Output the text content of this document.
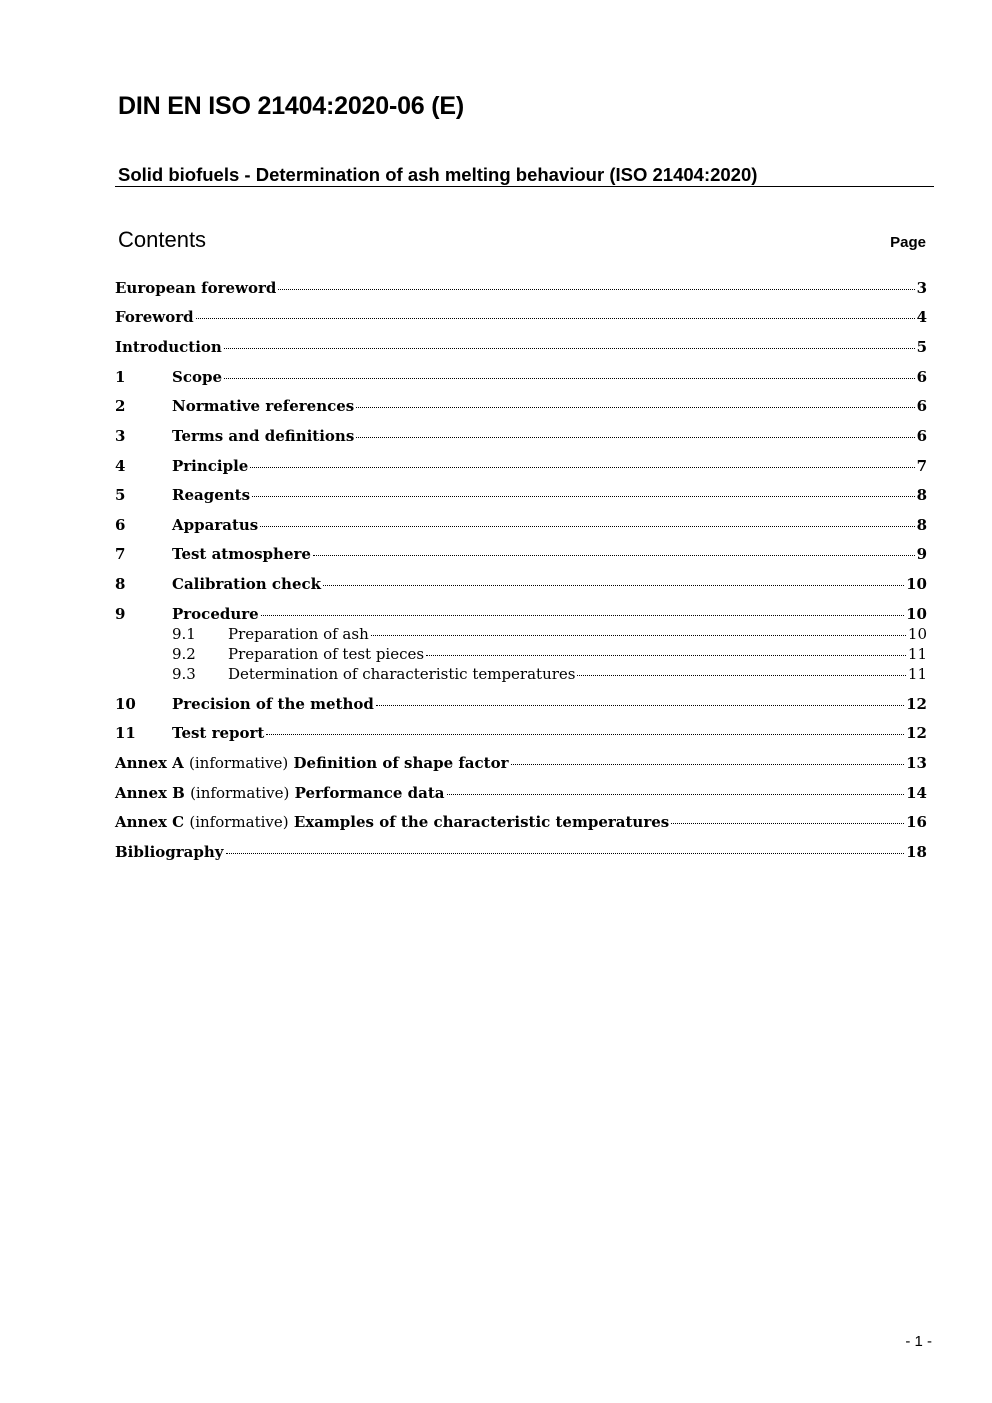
DIN EN ISO 21404:2020-06 (E)
Solid biofuels - Determination of ash melting behaviour (ISO 21404:2020)
Contents	Page
European foreword	3
Foreword	4
Introduction	5
1	Scope	6
2	Normative references	6
3	Terms and definitions	6
4	Principle	7
5	Reagents	8
6	Apparatus	8
7	Test atmosphere	9
8	Calibration check	10
9	Procedure	10
9.1	Preparation of ash	10
9.2	Preparation of test pieces	11
9.3	Determination of characteristic temperatures	11
10	Precision of the method	12
11	Test report	12
Annex A (informative) Definition of shape factor	13
Annex B (informative) Performance data	14
Annex C (informative) Examples of the characteristic temperatures	16
Bibliography	18
- 1 -
